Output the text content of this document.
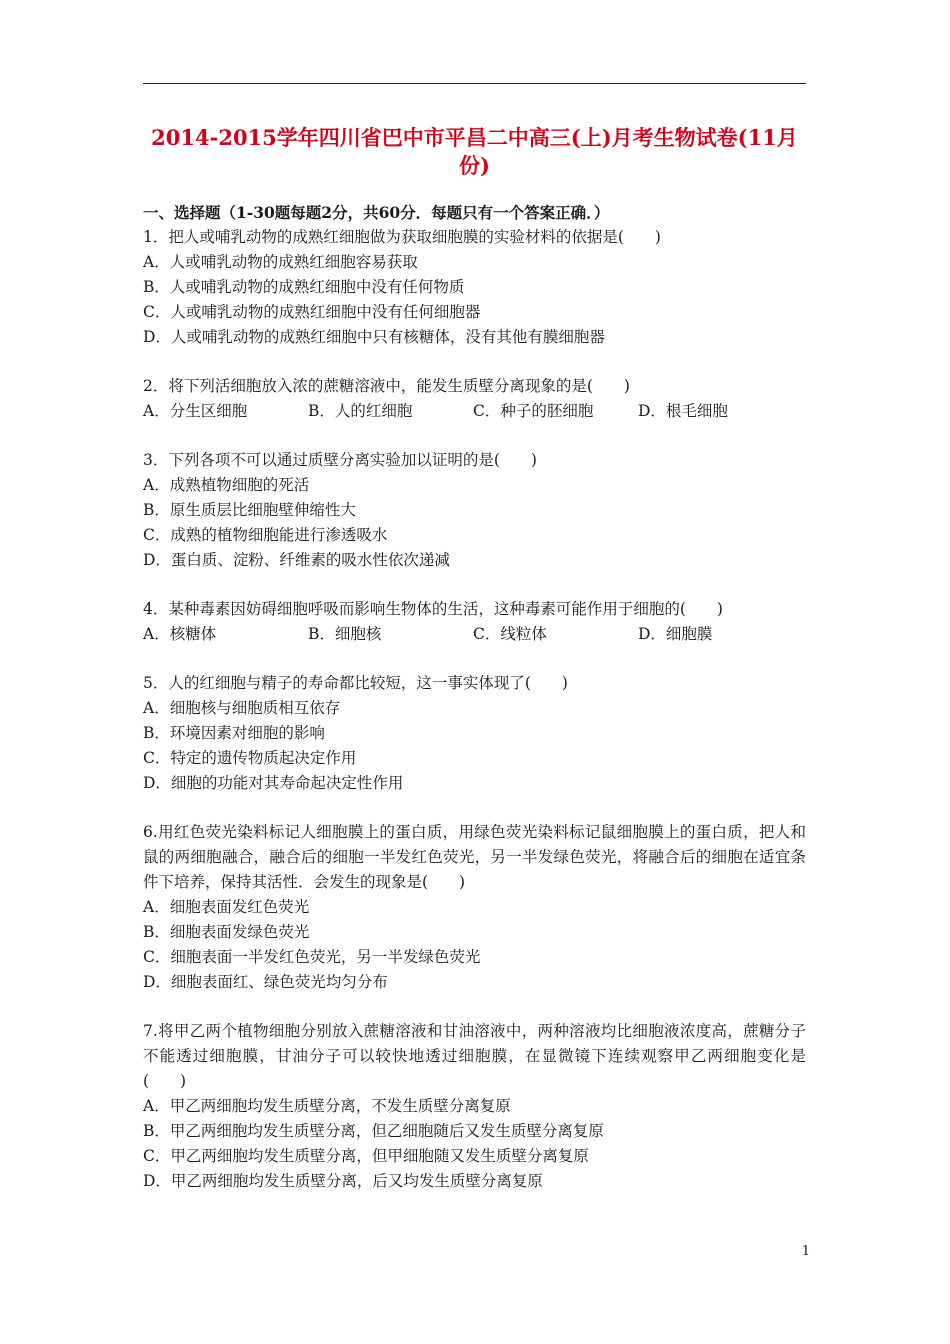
2014-2015学年四川省巴中市平昌二中高三(上)月考生物试卷(11月份)
一、选择题（1-30题每题2分，共60分．每题只有一个答案正确．）
1．把人或哺乳动物的成熟红细胞做为获取细胞膜的实验材料的依据是(　　)
A．人或哺乳动物的成熟红细胞容易获取
B．人或哺乳动物的成熟红细胞中没有任何物质
C．人或哺乳动物的成熟红细胞中没有任何细胞器
D．人或哺乳动物的成熟红细胞中只有核糖体，没有其他有膜细胞器
2．将下列活细胞放入浓的蔗糖溶液中，能发生质壁分离现象的是(　　)
A．分生区细胞	B．人的红细胞	C．种子的胚细胞	D．根毛细胞
3．下列各项不可以通过质壁分离实验加以证明的是(　　)
A．成熟植物细胞的死活
B．原生质层比细胞壁伸缩性大
C．成熟的植物细胞能进行渗透吸水
D．蛋白质、淀粉、纤维素的吸水性依次递减
4．某种毒素因妨碍细胞呼吸而影响生物体的生活，这种毒素可能作用于细胞的(　　)
A．核糖体	B．细胞核	C．线粒体	D．细胞膜
5．人的红细胞与精子的寿命都比较短，这一事实体现了(　　)
A．细胞核与细胞质相互依存
B．环境因素对细胞的影响
C．特定的遗传物质起决定作用
D．细胞的功能对其寿命起决定性作用
6.用红色荧光染料标记人细胞膜上的蛋白质，用绿色荧光染料标记鼠细胞膜上的蛋白质，把人和鼠的两细胞融合，融合后的细胞一半发红色荧光，另一半发绿色荧光，将融合后的细胞在适宜条件下培养，保持其活性．会发生的现象是(　　)
A．细胞表面发红色荧光
B．细胞表面发绿色荧光
C．细胞表面一半发红色荧光，另一半发绿色荧光
D．细胞表面红、绿色荧光均匀分布
7.将甲乙两个植物细胞分别放入蔗糖溶液和甘油溶液中，两种溶液均比细胞液浓度高，蔗糖分子不能透过细胞膜，甘油分子可以较快地透过细胞膜，在显微镜下连续观察甲乙两细胞变化是(　　)
A．甲乙两细胞均发生质壁分离，不发生质壁分离复原
B．甲乙两细胞均发生质壁分离，但乙细胞随后又发生质壁分离复原
C．甲乙两细胞均发生质壁分离，但甲细胞随又发生质壁分离复原
D．甲乙两细胞均发生质壁分离，后又均发生质壁分离复原
1
